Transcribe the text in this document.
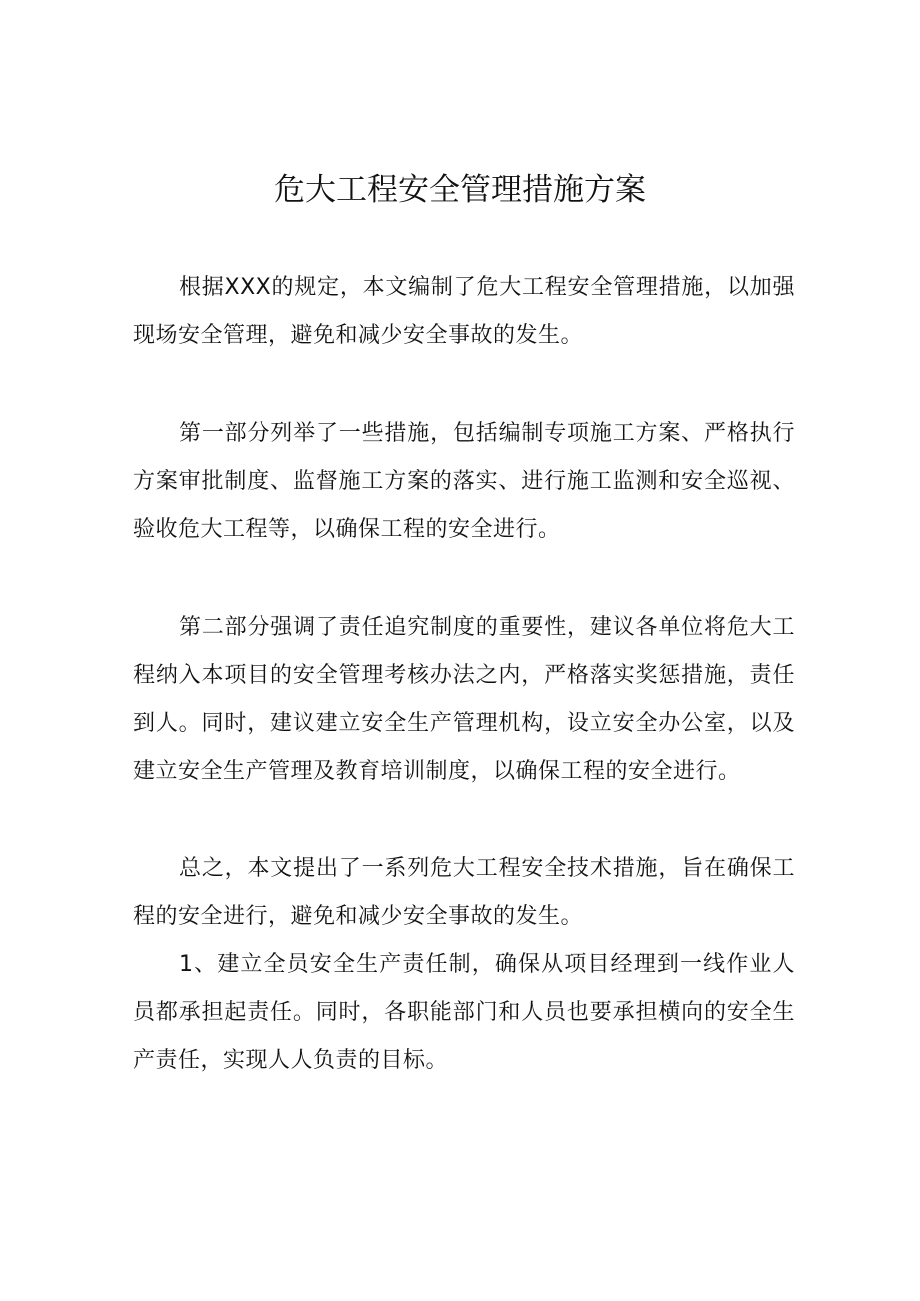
危大工程安全管理措施方案

根据XXX的规定，本文编制了危大工程安全管理措施，以加强现场安全管理，避免和减少安全事故的发生。

第一部分列举了一些措施，包括编制专项施工方案、严格执行方案审批制度、监督施工方案的落实、进行施工监测和安全巡视、验收危大工程等，以确保工程的安全进行。

第二部分强调了责任追究制度的重要性，建议各单位将危大工程纳入本项目的安全管理考核办法之内，严格落实奖惩措施，责任到人。同时，建议建立安全生产管理机构，设立安全办公室，以及建立安全生产管理及教育培训制度，以确保工程的安全进行。

总之，本文提出了一系列危大工程安全技术措施，旨在确保工程的安全进行，避免和减少安全事故的发生。

1、建立全员安全生产责任制，确保从项目经理到一线作业人员都承担起责任。同时，各职能部门和人员也要承担横向的安全生产责任，实现人人负责的目标。
